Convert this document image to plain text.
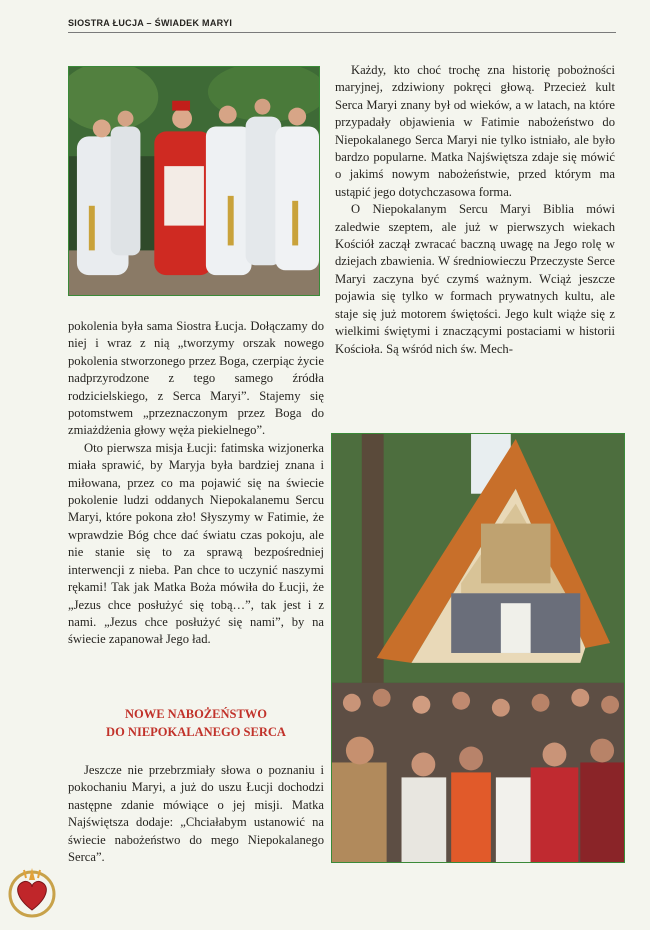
SIOSTRA ŁUCJA – ŚWIADEK MARYI

Każdy, kto choć trochę zna historię pobożności maryjnej, zdziwiony pokręci głową. Przecież kult Serca Maryi znany był od wieków, a w latach, na które przypadały objawienia w Fatimie nabożeństwo do Niepokalanego Serca Maryi nie tylko istniało, ale było bardzo popularne. Matka Najświętsza zdaje się mówić o jakimś nowym nabożeństwie, przed którym ma ustąpić jego dotychczasowa forma.

O Niepokalanym Sercu Maryi Biblia mówi zaledwie szeptem, ale już w pierwszych wiekach Kościół zaczął zwracać baczną uwagę na Jego rolę w dziejach zbawienia. W średniowieczu Przeczyste Serce Maryi zaczyna być czymś ważnym. Wciąż jeszcze pojawia się tylko w formach prywatnych kultu, ale staje się już motorem świętości. Jego kult wiąże się z wielkimi świętymi i znaczącymi postaciami w historii Kościoła. Są wśród nich św. Mech-

pokolenia była sama Siostra Łucja. Dołączamy do niej i wraz z nią „tworzymy orszak nowego pokolenia stworzonego przez Boga, czerpiąc życie nadprzyrodzone z tego samego źródła rodzicielskiego, z Serca Maryi”. Stajemy się potomstwem „przeznaczonym przez Boga do zmiażdżenia głowy węża piekielnego”.

Oto pierwsza misja Łucji: fatimska wizjonerka miała sprawić, by Maryja była bardziej znana i miłowana, przez co ma pojawić się na świecie pokolenie ludzi oddanych Niepokalanemu Sercu Maryi, które pokona zło! Słyszymy w Fatimie, że wprawdzie Bóg chce dać światu czas pokoju, ale nie stanie się to za sprawą bezpośredniej interwencji z nieba. Pan chce to uczynić naszymi rękami! Tak jak Matka Boża mówiła do Łucji, że „Jezus chce posłużyć się tobą…”, tak jest i z nami. „Jezus chce posłużyć się nami”, by na świecie zapanował Jego ład.

NOWE NABOŻEŃSTWO
DO NIEPOKALANEGO SERCA

Jeszcze nie przebrzmiały słowa o poznaniu i pokochaniu Maryi, a już do uszu Łucji dochodzi następne zdanie mówiące o jej misji. Matka Najświętsza dodaje: „Chciałabym ustanowić na świecie nabożeństwo do mego Niepokalanego Serca”.
